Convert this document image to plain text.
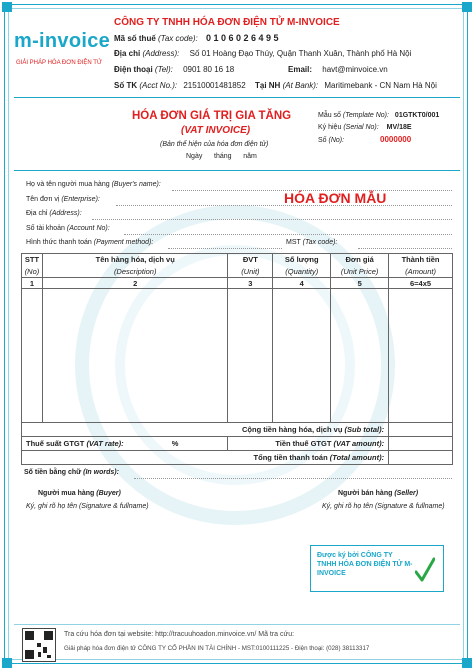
m-invoice
GIẢI PHÁP HÓA ĐƠN ĐIỆN TỬ
CÔNG TY TNHH HÓA ĐƠN ĐIỆN TỬ M-INVOICE
Mã số thuế (Tax code): 0 1 0 6 0 2 6 4 9 5
Địa chỉ (Address): Số 01 Hoàng Đạo Thúy, Quận Thanh Xuân, Thành phố Hà Nội
Điện thoại (Tel): 0901 80 16 18	Email: havt@minvoice.vn
Số TK (Acct No.): 21510001481852 Tại NH (At Bank): Maritimebank - CN Nam Hà Nội
HÓA ĐƠN GIÁ TRỊ GIA TĂNG
(VAT INVOICE)
(Bản thể hiện của hóa đơn điện tử)
Ngày      tháng      năm
Mẫu số (Template No): 01GTKT0/001
Ký hiệu (Serial No): MV/18E
Số (No):	0000000
Họ và tên người mua hàng (Buyer's name):
Tên đơn vị (Enterprise):	HÓA ĐƠN MẪU
Địa chỉ (Address):
Số tài khoản (Account No):
Hình thức thanh toán (Payment method):	MST (Tax code):
STT	Tên hàng hóa, dịch vụ	ĐVT	Số lượng	Đơn giá	Thành tiền
(No)	(Description)	(Unit)	(Quantity)	(Unit Price)	(Amount)
1	2	3	4	5	6=4x5

Cộng tiền hàng hóa, dịch vụ (Sub total):					
Thuế suất GTGT (VAT rate): %		Tiền thuế GTGT (VAT amount):			
Tổng tiền thanh toán (Total amount):					
Số tiền bằng chữ (In words):
Người mua hàng (Buyer)
Ký, ghi rõ họ tên (Signature & fullname)
Người bán hàng (Seller)
Ký, ghi rõ họ tên (Signature & fullname)
Được ký bởi CÔNG TY TNHH HÓA ĐƠN ĐIỆN TỬ M-INVOICE
Tra cứu hóa đơn tại website: http://tracuuhoadon.minvoice.vn/ Mã tra cứu:
Giải pháp hóa đơn điện tử CÔNG TY CỔ PHẦN IN TÀI CHÍNH - MST:0100111225 - Điện thoại: (028) 38113317
